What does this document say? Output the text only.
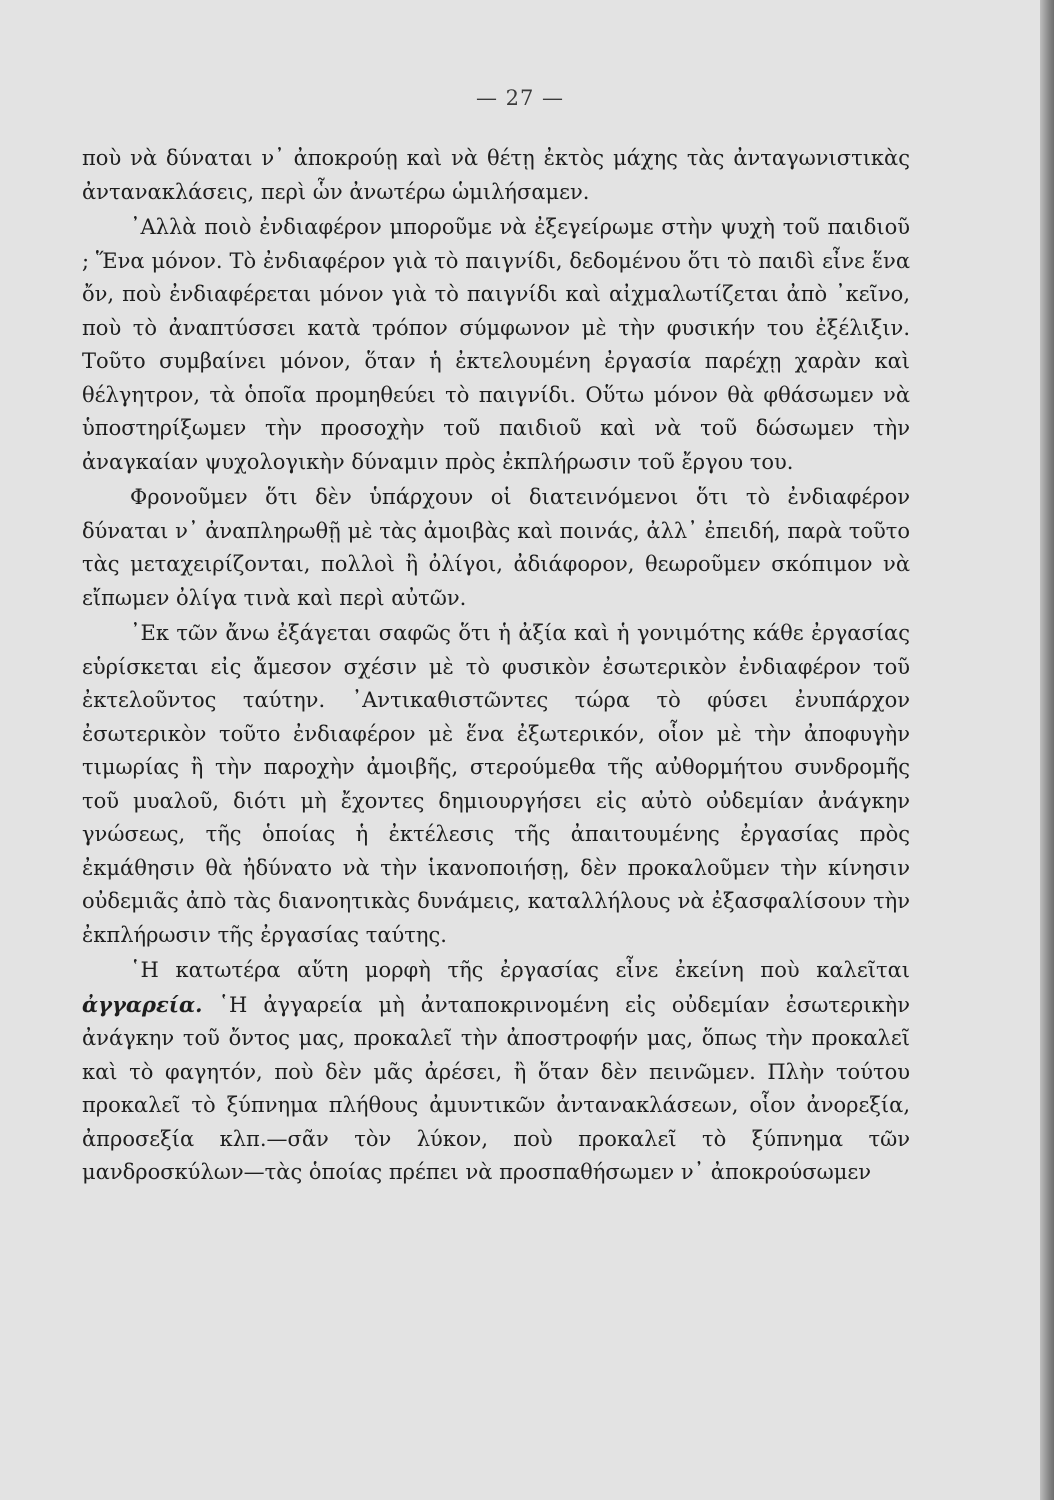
— 27 —

ποὺ νὰ δύναται ν᾿ ἀποκρούῃ καὶ νὰ θέτῃ ἐκτὸς μάχης τὰς ἀνταγωνιστικὰς ἀντανακλάσεις, περὶ ὧν ἀνωτέρω ὡμιλήσαμεν.

᾿Αλλὰ ποιὸ ἐνδιαφέρον μποροῦμε νὰ ἐξεγείρωμε στὴν ψυχὴ τοῦ παιδιοῦ ; Ἕνα μόνον. Τὸ ἐνδιαφέρον γιὰ τὸ παιγνίδι, δεδομένου ὅτι τὸ παιδὶ εἶνε ἕνα ὄν, ποὺ ἐνδιαφέρεται μόνον γιὰ τὸ παιγνίδι καὶ αἰχμαλωτίζεται ἀπὸ ᾿κεῖνο, ποὺ τὸ ἀναπτύσσει κατὰ τρόπον σύμφωνον μὲ τὴν φυσικήν του ἐξέλιξιν. Τοῦτο συμβαίνει μόνον, ὅταν ἡ ἐκτελουμένη ἐργασία παρέχῃ χαρὰν καὶ θέλγητρον, τὰ ὁποῖα προμηθεύει τὸ παιγνίδι. Οὕτω μόνον θὰ φθάσωμεν νὰ ὑποστηρίξωμεν τὴν προσοχὴν τοῦ παιδιοῦ καὶ νὰ τοῦ δώσωμεν τὴν ἀναγκαίαν ψυχολογικὴν δύναμιν πρὸς ἐκπλήρωσιν τοῦ ἔργου του.

Φρονοῦμεν ὅτι δὲν ὑπάρχουν οἱ διατεινόμενοι ὅτι τὸ ἐνδιαφέρον δύναται ν᾿ ἀναπληρωθῇ μὲ τὰς ἀμοιβὰς καὶ ποινάς, ἀλλ᾿ ἐπειδή, παρὰ τοῦτο τὰς μεταχειρίζονται, πολλοὶ ἢ ὀλίγοι, ἀδιάφορον, θεωροῦμεν σκόπιμον νὰ εἴπωμεν ὀλίγα τινὰ καὶ περὶ αὐτῶν.

᾿Εκ τῶν ἄνω ἐξάγεται σαφῶς ὅτι ἡ ἀξία καὶ ἡ γονιμότης κάθε ἐργασίας εὑρίσκεται εἰς ἄμεσον σχέσιν μὲ τὸ φυσικὸν ἐσωτερικὸν ἐνδιαφέρον τοῦ ἐκτελοῦντος ταύτην. ᾿Αντικαθιστῶντες τώρα τὸ φύσει ἐνυπάρχον ἐσωτερικὸν τοῦτο ἐνδιαφέρον μὲ ἕνα ἐξωτερικόν, οἷον μὲ τὴν ἀποφυγὴν τιμωρίας ἢ τὴν παροχὴν ἀμοιβῆς, στερούμεθα τῆς αὐθορμήτου συνδρομῆς τοῦ μυαλοῦ, διότι μὴ ἔχοντες δημιουργήσει εἰς αὐτὸ οὐδεμίαν ἀνάγκην γνώσεως, τῆς ὁποίας ἡ ἐκτέλεσις τῆς ἀπαιτουμένης ἐργασίας πρὸς ἐκμάθησιν θὰ ἠδύνατο νὰ τὴν ἱκανοποιήσῃ, δὲν προκαλοῦμεν τὴν κίνησιν οὐδεμιᾶς ἀπὸ τὰς διανοητικὰς δυνάμεις, καταλλήλους νὰ ἐξασφαλίσουν τὴν ἐκπλήρωσιν τῆς ἐργασίας ταύτης.

῾Η κατωτέρα αὕτη μορφὴ τῆς ἐργασίας εἶνε ἐκείνη ποὺ καλεῖται ἀγγαρεία. ῾Η ἀγγαρεία μὴ ἀνταποκρινομένη εἰς οὐδεμίαν ἐσωτερικὴν ἀνάγκην τοῦ ὄντος μας, προκαλεῖ τὴν ἀποστροφήν μας, ὅπως τὴν προκαλεῖ καὶ τὸ φαγητόν, ποὺ δὲν μᾶς ἀρέσει, ἢ ὅταν δὲν πεινῶμεν. Πλὴν τούτου προκαλεῖ τὸ ξύπνημα πλήθους ἀμυντικῶν ἀντανακλάσεων, οἷον ἀνορεξία, ἀπροσεξία κλπ.—σᾶν τὸν λύκον, ποὺ προκαλεῖ τὸ ξύπνημα τῶν μανδροσκύλων—τὰς ὁποίας πρέπει νὰ προσπαθήσωμεν ν᾿ ἀποκρούσωμεν
